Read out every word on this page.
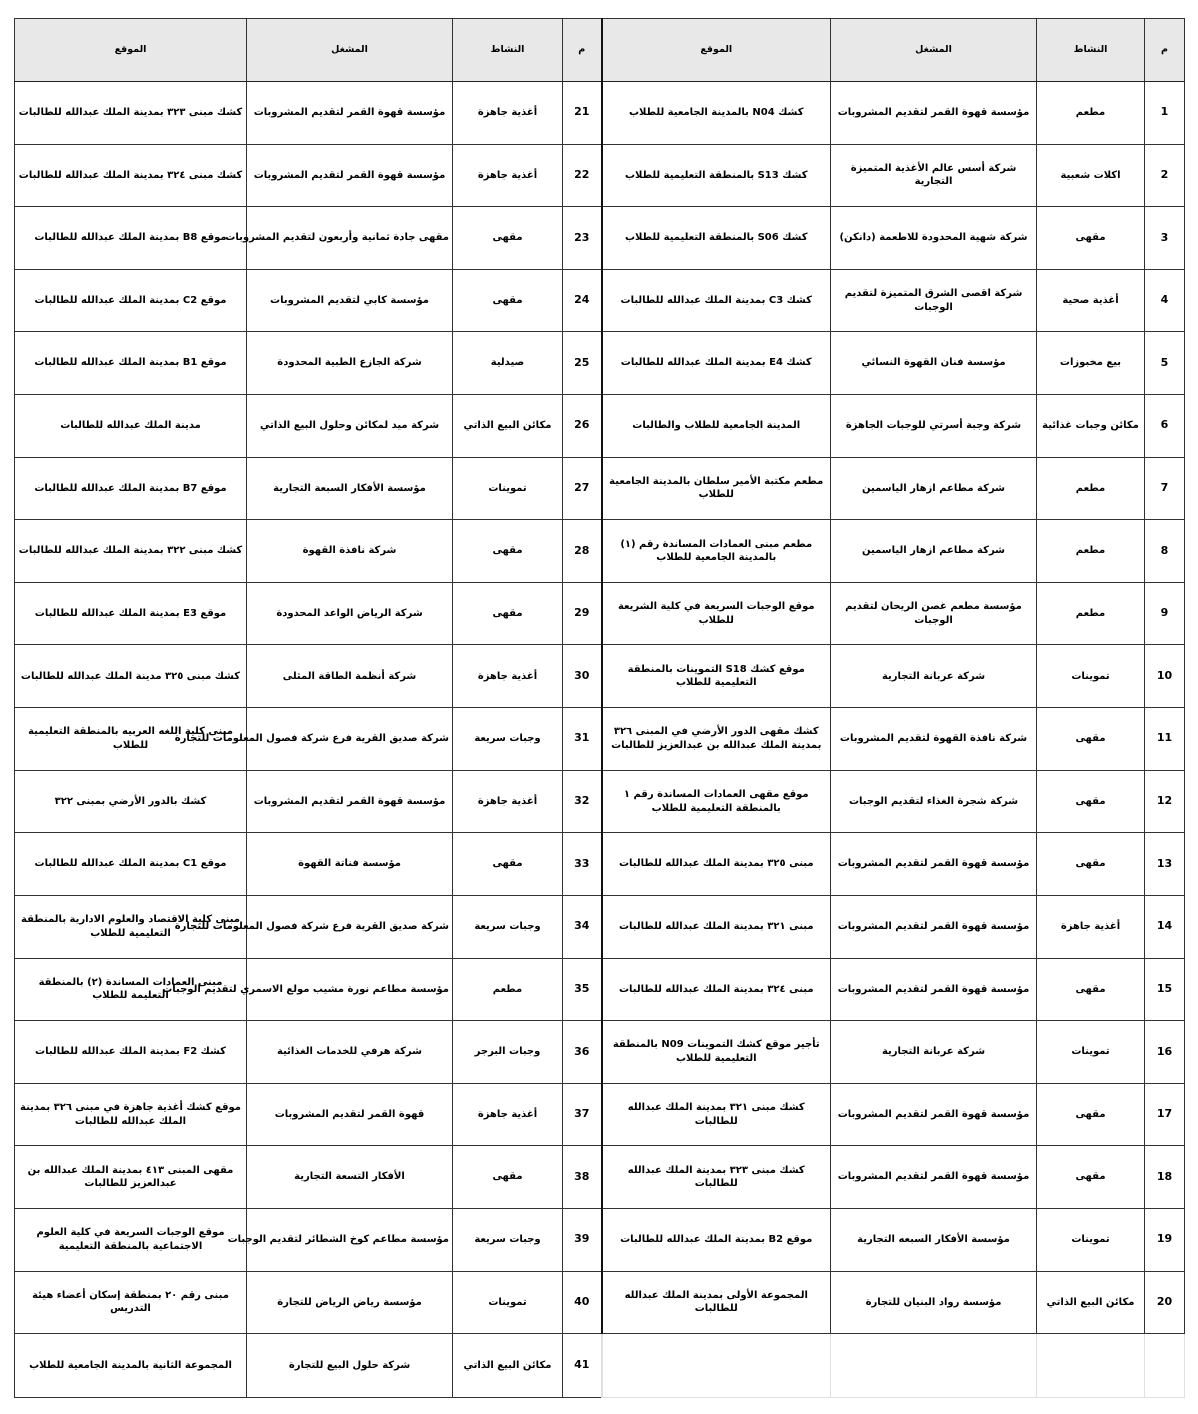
م	النشاط	المشغل	الموقع	م	النشاط	المشغل	الموقع
1	مطعم	مؤسسة قهوة القمر لتقديم المشروبات	كشك N04 بالمدينة الجامعية للطلاب	21	أغذية جاهزة	مؤسسة قهوة القمر لتقديم المشروبات	كشك مبنى ٣٢٣ بمدينة الملك عبدالله للطالبات
2	اكلات شعبية	شركة أسس عالم الأغذية المتميزة التجارية	كشك S13 بالمنطقة التعليمية للطلاب	22	أغذية جاهزة	مؤسسة قهوة القمر لتقديم المشروبات	كشك مبنى ٣٢٤ بمدينة الملك عبدالله للطالبات
3	مقهى	شركة شهية المحدودة للاطعمة (دانكن)	كشك S06 بالمنطقة التعليمية للطلاب	23	مقهى	مقهى جادة ثمانية وأربعون لتقديم المشروبات	موقع B8 بمدينة الملك عبدالله للطالبات
4	أغذية صحية	شركة اقصى الشرق المتميزة لتقديم الوجبات	كشك C3 بمدينة الملك عبدالله للطالبات	24	مقهى	مؤسسة كابي لتقديم المشروبات	موقع C2 بمدينة الملك عبدالله للطالبات
5	بيع مخبوزات	مؤسسة فنان القهوة النسائي	كشك E4 بمدينة الملك عبدالله للطالبات	25	صيدلية	شركة الجازع الطبية المحدودة	موقع B1 بمدينة الملك عبدالله للطالبات
6	مكائن وجبات غذائية	شركة وجبة أسرتي للوجبات الجاهزة	المدينة الجامعية للطلاب والطالبات	26	مكائن البيع الذاتي	شركة ميد لمكائن وحلول البيع الذاتي	مدينة الملك عبدالله للطالبات
7	مطعم	شركة مطاعم ازهار الياسمين	مطعم مكتبة الأمير سلطان بالمدينة الجامعية للطلاب	27	تموينات	مؤسسة الأفكار السبعة التجارية	موقع B7 بمدينة الملك عبدالله للطالبات
8	مطعم	شركة مطاعم ازهار الياسمين	مطعم مبنى العمادات المساندة رقم (١) بالمدينة الجامعية للطلاب	28	مقهى	شركة نافذة القهوة	كشك مبنى ٣٢٢ بمدينة الملك عبدالله للطالبات
9	مطعم	مؤسسة مطعم غصن الريحان لتقديم الوجبات	موقع الوجبات السريعة في كلية الشريعة للطلاب	29	مقهى	شركة الرياض الواعد المحدودة	موقع E3 بمدينة الملك عبدالله للطالبات
10	تموينات	شركة عربانة التجارية	موقع كشك S18 التموينات بالمنطقة التعليمية للطلاب	30	أغذية جاهزة	شركة أنظمة الطاقة المثلى	كشك مبنى ٣٢٥ مدينة الملك عبدالله للطالبات
11	مقهى	شركة نافذة القهوة لتقديم المشروبات	كشك مقهى الدور الأرضي في المبنى ٣٢٦ بمدينة الملك عبدالله بن عبدالعزيز للطالبات	31	وجبات سريعة	شركة صديق القرية فرع شركة فصول المعلومات للتجارة	مبنى كلية اللغه العربيه بالمنطقة التعليمية للطلاب
12	مقهى	شركة شجرة الغذاء لتقديم الوجبات	موقع مقهى العمادات المساندة رقم ١ بالمنطقة التعليمية للطلاب	32	أغذية جاهزة	مؤسسة قهوة القمر لتقديم المشروبات	كشك بالدور الأرضي بمبنى ٣٢٢
13	مقهى	مؤسسة قهوة القمر لتقديم المشروبات	مبنى ٣٢٥ بمدينة الملك عبدالله للطالبات	33	مقهى	مؤسسة فناتة القهوة	موقع C1 بمدينة الملك عبدالله للطالبات
14	أغذية جاهزة	مؤسسة قهوة القمر لتقديم المشروبات	مبنى ٣٢١ بمدينة الملك عبدالله للطالبات	34	وجبات سريعة	شركة صديق القرية فرع شركة فصول المعلومات للتجارة	مبنى كلية الاقتصاد والعلوم الادارية بالمنطقة التعليمية للطلاب
15	مقهى	مؤسسة قهوة القمر لتقديم المشروبات	مبنى ٣٢٤ بمدينة الملك عبدالله للطالبات	35	مطعم	مؤسسة مطاعم نورة مشيب مولع الاسمري لتقديم الوجبات	مبنى العمادات المساندة (٢) بالمنطقة التعليمة للطلاب
16	تموينات	شركة عربانة التجارية	تأجير موقع كشك التموينات N09 بالمنطقة التعليمية للطلاب	36	وجبات البرجر	شركة هرفي للخدمات الغذائية	كشك F2 بمدينة الملك عبدالله للطالبات
17	مقهى	مؤسسة قهوة القمر لتقديم المشروبات	كشك مبنى ٣٢١ بمدينة الملك عبدالله للطالبات	37	أغذية جاهزة	قهوة القمر لتقديم المشروبات	موقع كشك أغذية جاهزة في مبنى ٣٢٦ بمدينة الملك عبدالله للطالبات
18	مقهى	مؤسسة قهوة القمر لتقديم المشروبات	كشك مبنى ٣٢٣ بمدينة الملك عبدالله للطالبات	38	مقهى	الأفكار التسعة التجارية	مقهى المبنى ٤١٣ بمدينة الملك عبدالله بن عبدالعزيز للطالبات
19	تموينات	مؤسسة الأفكار السبعه التجارية	موقع B2 بمدينة الملك عبدالله للطالبات	39	وجبات سريعة	مؤسسة مطاعم كوخ الشطائر لتقديم الوجبات	موقع الوجبات السريعة في كلية العلوم الاجتماعية بالمنطقة التعليمية
20	مكائن البيع الذاتي	مؤسسة رواد البنيان للتجارة	المجموعة الأولى بمدينة الملك عبدالله للطالبات	40	تموينات	مؤسسة رياض الرياض للتجارة	مبنى رقم ٢٠ بمنطقة إسكان أعضاء هيئة التدريس
				41	مكائن البيع الذاتي	شركة حلول البيع للتجارة	المجموعة الثانية بالمدينة الجامعية للطلاب
